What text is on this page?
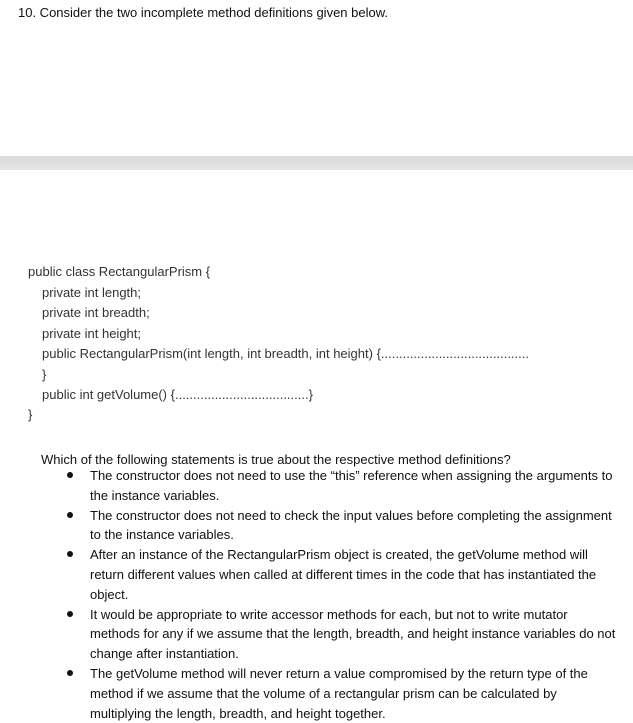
10. Consider the two incomplete method definitions given below.
public class RectangularPrism {
private int length;
private int breadth;
private int height;
public RectangularPrism(int length, int breadth, int height) {.........................................
}
public int getVolume() {.....................................}
}
Which of the following statements is true about the respective method definitions?
The constructor does not need to use the “this” reference when assigning the arguments to the instance variables.
The constructor does not need to check the input values before completing the assignment to the instance variables.
After an instance of the RectangularPrism object is created, the getVolume method will return different values when called at different times in the code that has instantiated the object.
It would be appropriate to write accessor methods for each, but not to write mutator methods for any if we assume that the length, breadth, and height instance variables do not change after instantiation.
The getVolume method will never return a value compromised by the return type of the method if we assume that the volume of a rectangular prism can be calculated by multiplying the length, breadth, and height together.
